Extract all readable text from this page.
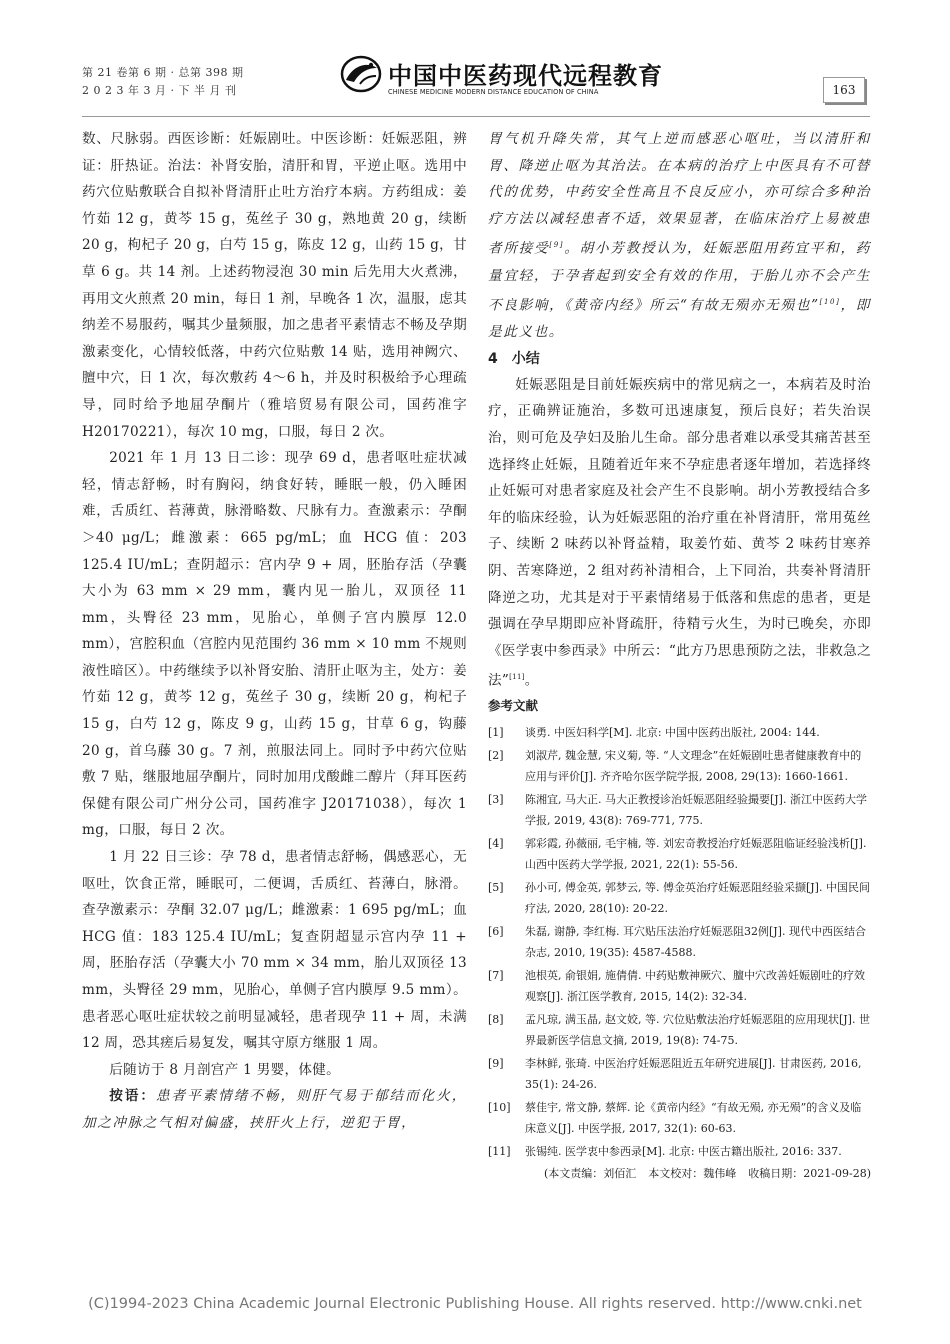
第 21 卷第 6 期 · 总第 398 期
2 0 2 3 年 3 月 · 下 半 月 刊
中国中医药现代远程教育
CHINESE MEDICINE MODERN DISTANCE EDUCATION OF CHINA	163

数、尺脉弱。西医诊断：妊娠剧吐。中医诊断：妊娠恶阻，辨证：肝热证。治法：补肾安胎，清肝和胃，平逆止呕。选用中药穴位贴敷联合自拟补肾清肝止吐方治疗本病。方药组成：姜竹茹 12 g，黄芩 15 g，菟丝子 30 g，熟地黄 20 g，续断 20 g，枸杞子 20 g，白芍 15 g，陈皮 12 g，山药 15 g，甘草 6 g。共 14 剂。上述药物浸泡 30 min 后先用大火煮沸，再用文火煎煮 20 min，每日 1 剂，早晚各 1 次，温服，虑其纳差不易服药，嘱其少量频服，加之患者平素情志不畅及孕期激素变化，心情较低落，中药穴位贴敷 14 贴，选用神阙穴、膻中穴，日 1 次，每次敷药 4～6 h，并及时积极给予心理疏导，同时给予地屈孕酮片（雅培贸易有限公司，国药准字 H20170221），每次 10 mg，口服，每日 2 次。

2021 年 1 月 13 日二诊：现孕 69 d，患者呕吐症状减轻，情志舒畅，时有胸闷，纳食好转，睡眠一般，仍入睡困难，舌质红、苔薄黄，脉滑略数、尺脉有力。查激素示：孕酮＞40 μg/L；雌激素：665 pg/mL；血 HCG 值：203 125.4 IU/mL；查阴超示：宫内孕 9 + 周，胚胎存活（孕囊大小为 63 mm × 29 mm，囊内见一胎儿，双顶径 11 mm，头臀径 23 mm，见胎心，单侧子宫内膜厚 12.0 mm），宫腔积血（宫腔内见范围约 36 mm × 10 mm 不规则液性暗区）。中药继续予以补肾安胎、清肝止呕为主，处方：姜竹茹 12 g，黄芩 12 g，菟丝子 30 g，续断 20 g，枸杞子 15 g，白芍 12 g，陈皮 9 g，山药 15 g，甘草 6 g，钩藤 20 g，首乌藤 30 g。7 剂，煎服法同上。同时予中药穴位贴敷 7 贴，继服地屈孕酮片，同时加用戊酸雌二醇片（拜耳医药保健有限公司广州分公司，国药准字 J20171038），每次 1 mg，口服，每日 2 次。

1 月 22 日三诊：孕 78 d，患者情志舒畅，偶感恶心，无呕吐，饮食正常，睡眠可，二便调，舌质红、苔薄白，脉滑。查孕激素示：孕酮 32.07 μg/L；雌激素：1 695 pg/mL；血 HCG 值：183 125.4 IU/mL；复查阴超显示宫内孕 11 + 周，胚胎存活（孕囊大小 70 mm × 34 mm，胎儿双顶径 13 mm，头臀径 29 mm，见胎心，单侧子宫内膜厚 9.5 mm）。患者恶心呕吐症状较之前明显减轻，患者现孕 11 + 周，未满 12 周，恐其瘥后易复发，嘱其守原方继服 1 周。

后随访于 8 月剖宫产 1 男婴，体健。

按语：患者平素情绪不畅，则肝气易于郁结而化火，加之冲脉之气相对偏盛，挟肝火上行，逆犯于胃，

胃气机升降失常，其气上逆而感恶心呕吐，当以清肝和胃、降逆止呕为其治法。在本病的治疗上中医具有不可替代的优势，中药安全性高且不良反应小，亦可综合多种治疗方法以减轻患者不适，效果显著，在临床治疗上易被患者所接受[9]。胡小芳教授认为，妊娠恶阻用药宜平和，药量宜轻，于孕者起到安全有效的作用，于胎儿亦不会产生不良影响，《黄帝内经》所云“有故无殒亦无殒也”[10]，即是此义也。

4 小结

妊娠恶阻是目前妊娠疾病中的常见病之一，本病若及时治疗，正确辨证施治，多数可迅速康复，预后良好；若失治误治，则可危及孕妇及胎儿生命。部分患者难以承受其痛苦甚至选择终止妊娠，且随着近年来不孕症患者逐年增加，若选择终止妊娠可对患者家庭及社会产生不良影响。胡小芳教授结合多年的临床经验，认为妊娠恶阻的治疗重在补肾清肝，常用菟丝子、续断 2 味药以补肾益精，取姜竹茹、黄芩 2 味药甘寒养阴、苦寒降逆，2 组对药补清相合，上下同治，共奏补肾清肝降逆之功，尤其是对于平素情绪易于低落和焦虑的患者，更是强调在孕早期即应补肾疏肝，待精亏火生，为时已晚矣，亦即《医学衷中参西录》中所云：“此方乃思患预防之法，非救急之法”[11]。

参考文献
[1] 谈勇. 中医妇科学[M]. 北京: 中国中医药出版社, 2004: 144.
[2] 刘淑芹, 魏金慧, 宋义菊, 等. “人文理念”在妊娠剧吐患者健康教育中的应用与评价[J]. 齐齐哈尔医学院学报, 2008, 29(13): 1660-1661.
[3] 陈湘宜, 马大正. 马大正教授诊治妊娠恶阻经验撮要[J]. 浙江中医药大学学报, 2019, 43(8): 769-771, 775.
[4] 郭彩霞, 孙薇丽, 毛宇楠, 等. 刘宏奇教授治疗妊娠恶阻临证经验浅析[J]. 山西中医药大学学报, 2021, 22(1): 55-56.
[5] 孙小可, 傅金英, 郭梦云, 等. 傅金英治疗妊娠恶阻经验采撷[J]. 中国民间疗法, 2020, 28(10): 20-22.
[6] 朱磊, 谢静, 李红梅. 耳穴贴压法治疗妊娠恶阻32例[J]. 现代中西医结合杂志, 2010, 19(35): 4587-4588.
[7] 池根英, 俞银娟, 施倩倩. 中药贴敷神厥穴、膻中穴改善妊娠剧吐的疗效观察[J]. 浙江医学教育, 2015, 14(2): 32-34.
[8] 孟凡琼, 满玉晶, 赵文姣, 等. 穴位贴敷法治疗妊娠恶阻的应用现状[J]. 世界最新医学信息文摘, 2019, 19(8): 74-75.
[9] 李林鲜, 张琦. 中医治疗妊娠恶阻近五年研究进展[J]. 甘肃医药, 2016, 35(1): 24-26.
[10] 蔡佳宇, 常文静, 蔡辉. 论《黄帝内经》“有故无殒, 亦无殒”的含义及临床意义[J]. 中医学报, 2017, 32(1): 60-63.
[11] 张锡纯. 医学衷中参西录[M]. 北京: 中医古籍出版社, 2016: 337.
(本文责编：刘佰汇 本文校对：魏伟峰 收稿日期：2021-09-28)
(C)1994-2023 China Academic Journal Electronic Publishing House. All rights reserved. http://www.cnki.net
